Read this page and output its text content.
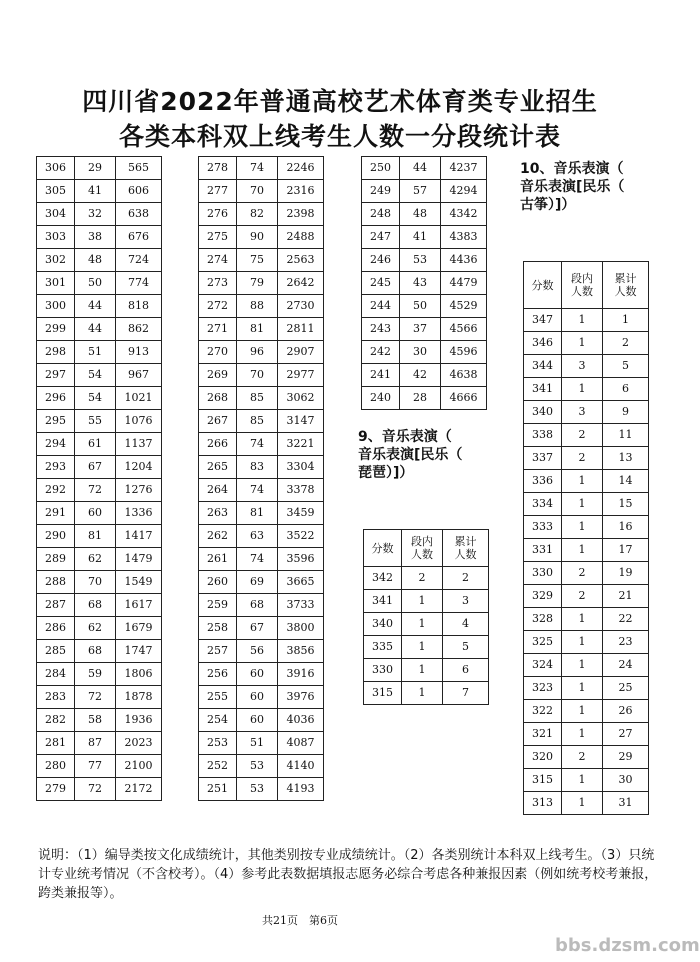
四川省2022年普通高校艺术体育类专业招生
各类本科双上线考生人数一分段统计表
306	29	565
305	41	606
304	32	638
303	38	676
302	48	724
301	50	774
300	44	818
299	44	862
298	51	913
297	54	967
296	54	1021
295	55	1076
294	61	1137
293	67	1204
292	72	1276
291	60	1336
290	81	1417
289	62	1479
288	70	1549
287	68	1617
286	62	1679
285	68	1747
284	59	1806
283	72	1878
282	58	1936
281	87	2023
280	77	2100
279	72	2172
278	74	2246
277	70	2316
276	82	2398
275	90	2488
274	75	2563
273	79	2642
272	88	2730
271	81	2811
270	96	2907
269	70	2977
268	85	3062
267	85	3147
266	74	3221
265	83	3304
264	74	3378
263	81	3459
262	63	3522
261	74	3596
260	69	3665
259	68	3733
258	67	3800
257	56	3856
256	60	3916
255	60	3976
254	60	4036
253	51	4087
252	53	4140
251	53	4193
250	44	4237
249	57	4294
248	48	4342
247	41	4383
246	53	4436
245	43	4479
244	50	4529
243	37	4566
242	30	4596
241	42	4638
240	28	4666
9、音乐表演（
音乐表演[民乐（
琵琶）]）
分数	段内人数	累计人数
342	2	2
341	1	3
340	1	4
335	1	5
330	1	6
315	1	7
10、音乐表演（
音乐表演[民乐（
古筝）]）
分数	段内人数	累计人数
347	1	1
346	1	2
344	3	5
341	1	6
340	3	9
338	2	11
337	2	13
336	1	14
334	1	15
333	1	16
331	1	17
330	2	19
329	2	21
328	1	22
325	1	23
324	1	24
323	1	25
322	1	26
321	1	27
320	2	29
315	1	30
313	1	31
说明：（1）编导类按文化成绩统计，其他类别按专业成绩统计。（2）各类别统计本科双上线考生。（3）只统计专业统考情况（不含校考）。（4）参考此表数据填报志愿务必综合考虑各种兼报因素（例如统考校考兼报，跨类兼报等）。
共21页　第6页
bbs.dzsm.com
